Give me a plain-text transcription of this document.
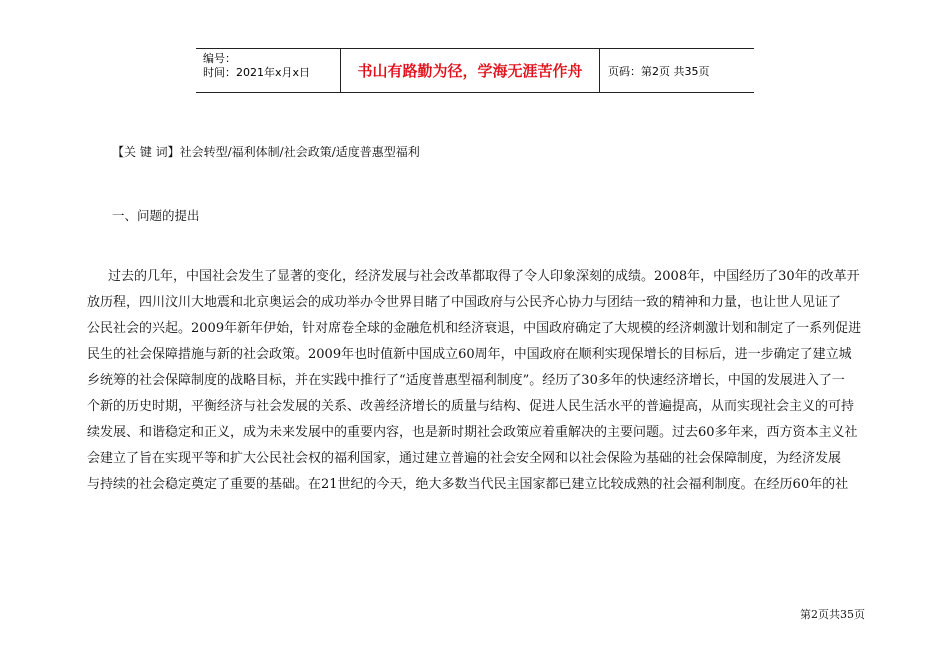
编号：
时间：2021年x月x日	书山有路勤为径，学海无涯苦作舟	页码：第2页 共35页
【关 键 词】社会转型/福利体制/社会政策/适度普惠型福利
一、问题的提出
过去的几年，中国社会发生了显著的变化，经济发展与社会改革都取得了令人印象深刻的成绩。2008年，中国经历了30年的改革开
放历程，四川汶川大地震和北京奥运会的成功举办令世界目睹了中国政府与公民齐心协力与团结一致的精神和力量，也让世人见证了
公民社会的兴起。2009年新年伊始，针对席卷全球的金融危机和经济衰退，中国政府确定了大规模的经济刺激计划和制定了一系列促进
民生的社会保障措施与新的社会政策。2009年也时值新中国成立60周年，中国政府在顺利实现保增长的目标后，进一步确定了建立城
乡统筹的社会保障制度的战略目标，并在实践中推行了“适度普惠型福利制度”。经历了30多年的快速经济增长，中国的发展进入了一
个新的历史时期，平衡经济与社会发展的关系、改善经济增长的质量与结构、促进人民生活水平的普遍提高，从而实现社会主义的可持
续发展、和谐稳定和正义，成为未来发展中的重要内容，也是新时期社会政策应着重解决的主要问题。过去60多年来，西方资本主义社
会建立了旨在实现平等和扩大公民社会权的福利国家，通过建立普遍的社会安全网和以社会保险为基础的社会保障制度，为经济发展
与持续的社会稳定奠定了重要的基础。在21世纪的今天，绝大多数当代民主国家都已建立比较成熟的社会福利制度。在经历60年的社
第2页共35页
